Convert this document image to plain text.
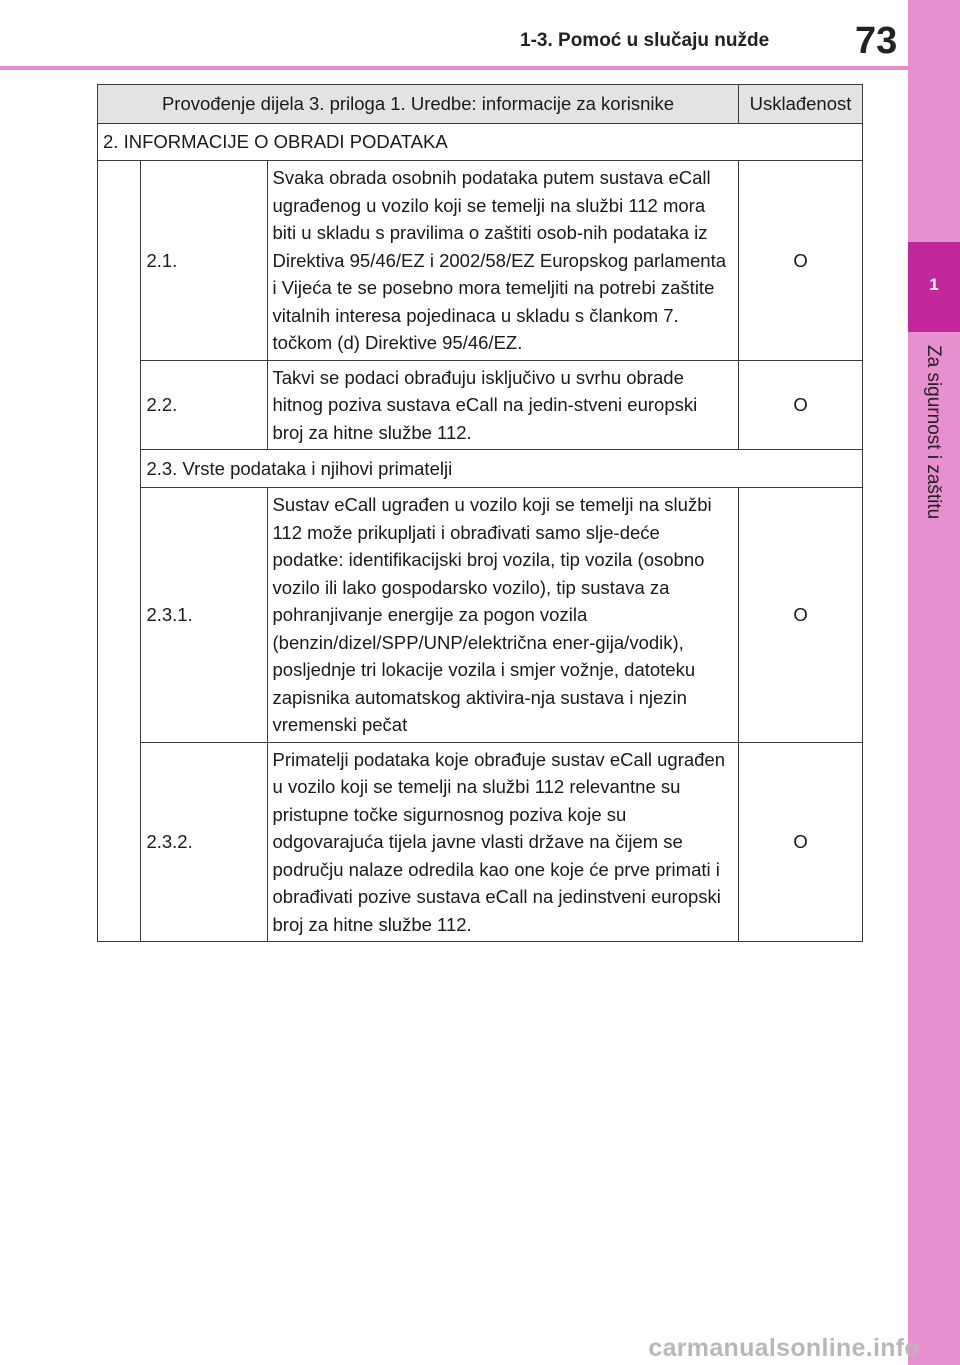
1-3. Pomoć u slučaju nužde 73
1
Za sigurnost i zaštitu
Provođenje dijela 3. priloga 1. Uredbe: informacije za korisnike			Usklađenost
2. INFORMACIJE O OBRADI PODATAKA			
	2.1.	Svaka obrada osobnih podataka putem sustava eCall ugrađenog u vozilo koji se temelji na službi 112 mora biti u skladu s pravilima o zaštiti osob-nih podataka iz Direktiva 95/46/EZ i 2002/58/EZ Europskog parlamenta i Vijeća te se posebno mora temeljiti na potrebi zaštite vitalnih interesa pojedinaca u skladu s člankom 7. točkom (d) Direktive 95/46/EZ.	O
	2.2.	Takvi se podaci obrađuju isključivo u svrhu obrade hitnog poziva sustava eCall na jedin-stveni europski broj za hitne službe 112.	O
	2.3. Vrste podataka i njihovi primatelji		
	2.3.1.	Sustav eCall ugrađen u vozilo koji se temelji na službi 112 može prikupljati i obrađivati samo slje-deće podatke: identifikacijski broj vozila, tip vozila (osobno vozilo ili lako gospodarsko vozilo), tip sustava za pohranjivanje energije za pogon vozila (benzin/dizel/SPP/UNP/električna ener-gija/vodik), posljednje tri lokacije vozila i smjer vožnje, datoteku zapisnika automatskog aktivira-nja sustava i njezin vremenski pečat	O
	2.3.2.	Primatelji podataka koje obrađuje sustav eCall ugrađen u vozilo koji se temelji na službi 112 relevantne su pristupne točke sigurnosnog poziva koje su odgovarajuća tijela javne vlasti države na čijem se području nalaze odredila kao one koje će prve primati i obrađivati pozive sustava eCall na jedinstveni europski broj za hitne službe 112.	O
carmanualsonline.info
